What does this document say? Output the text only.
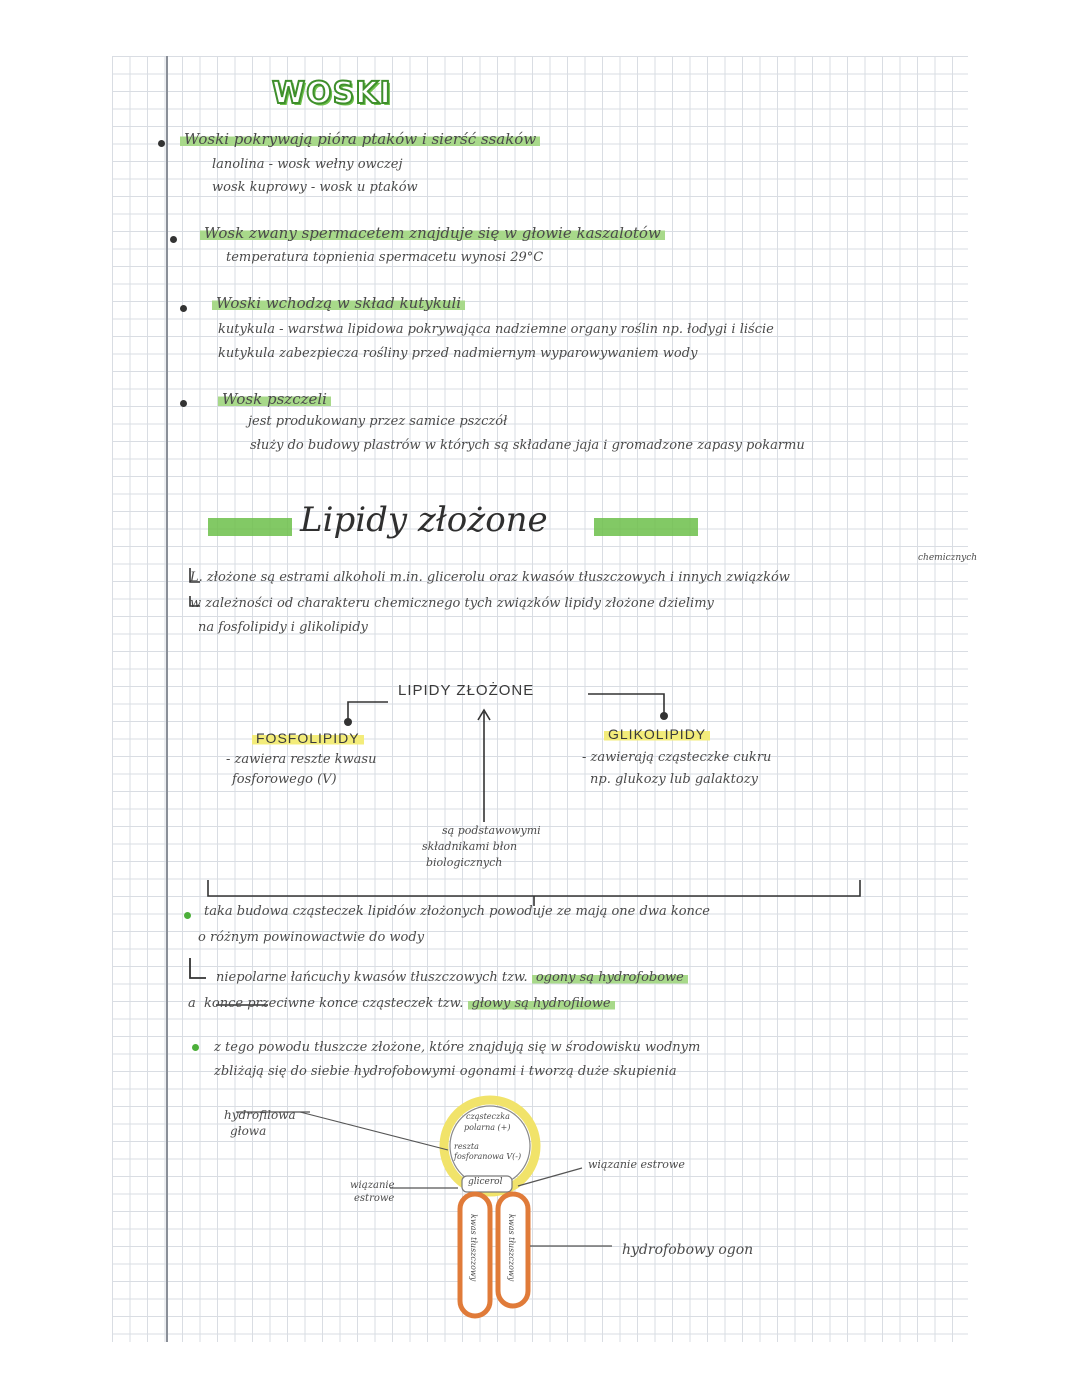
WOSKI
Woski pokrywają pióra ptaków i sierść ssaków
lanolina - wosk wełny owczej
wosk kuprowy - wosk u ptaków
Wosk zwany spermacetem znajduje się w głowie kaszalotów
temperatura topnienia spermacetu wynosi 29°C
Woski wchodzą w skład kutykuli
kutykula - warstwa lipidowa pokrywająca nadziemne organy roślin np. łodygi i liście
kutykula zabezpiecza rośliny przed nadmiernym wyparowywaniem wody
Wosk pszczeli
jest produkowany przez samice pszczół
służy do budowy plastrów w których są składane jaja i gromadzone zapasy pokarmu
Lipidy złożone
chemicznych
L. złożone są estrami alkoholi m.in. glicerolu oraz kwasów tłuszczowych i innych związków
w zależności od charakteru chemicznego tych związków lipidy złożone dzielimy
na fosfolipidy i glikolipidy
LIPIDY ZŁOŻONE
FOSFOLIPIDY
- zawiera reszte kwasu
fosforowego (V)
GLIKOLIPIDY
- zawierają cząsteczke cukru
np. glukozy lub galaktozy
są podstawowymi
składnikami błon
biologicznych
taka budowa cząsteczek lipidów złożonych powoduje ze mają one dwa konce
o różnym powinowactwie do wody
niepolarne łańcuchy kwasów tłuszczowych tzw. ogony są hydrofobowe
a konce przeciwne konce cząsteczek tzw. głowy są hydrofilowe
z tego powodu tłuszcze złożone, które znajdują się w środowisku wodnym
zbliżają się do siebie hydrofobowymi ogonami i tworzą duże skupienia
hydrofilowa
głowa
cząsteczka
polarna (+)
reszta
fosforanowa V(-)
glicerol
wiązanie
estrowe
wiązanie estrowe
kwas tłuszczowy	kwas tłuszczowy	hydrofobowy ogon
